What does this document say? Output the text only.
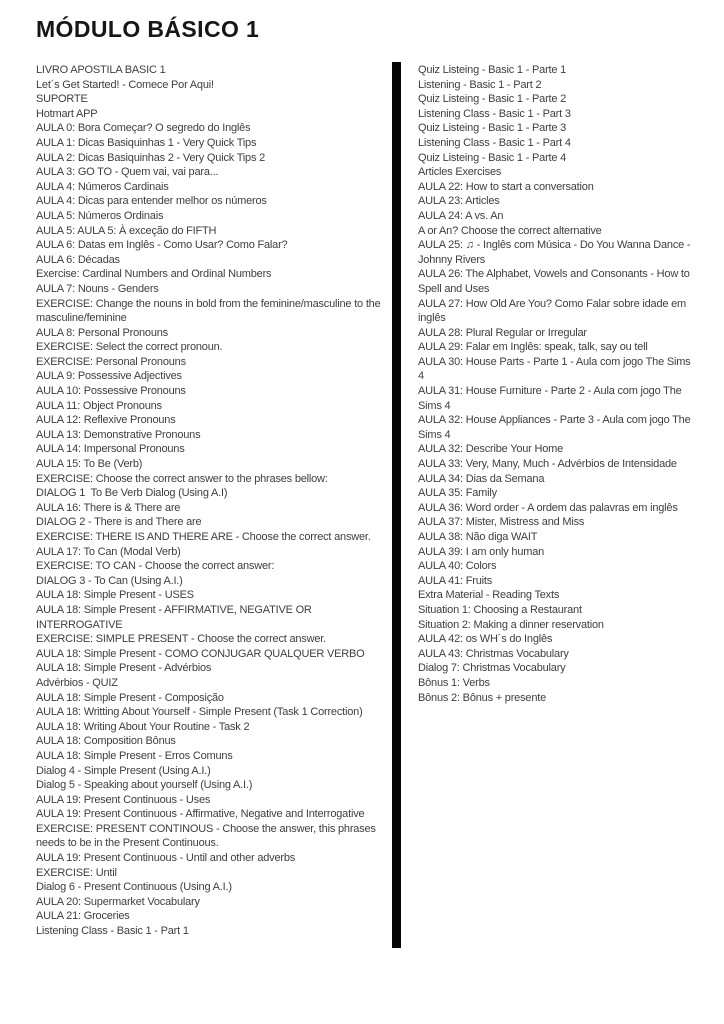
MÓDULO BÁSICO 1
LIVRO APOSTILA BASIC 1
Let´s Get Started! - Comece Por Aqui!
SUPORTE
Hotmart APP
AULA 0: Bora Começar? O segredo do Inglês
AULA 1: Dicas Basiquinhas 1 - Very Quick Tips
AULA 2: Dicas Basiquinhas 2 - Very Quick Tips 2
AULA 3: GO TO - Quem vai, vai para...
AULA 4: Números Cardinais
AULA 4: Dicas para entender melhor os números
AULA 5: Números Ordinais
AULA 5: AULA 5: À exceção do FIFTH
AULA 6: Datas em Inglês - Como Usar? Como Falar?
AULA 6: Décadas
Exercise: Cardinal Numbers and Ordinal Numbers
AULA 7: Nouns - Genders
EXERCISE: Change the nouns in bold from the feminine/masculine to the masculine/feminine
AULA 8: Personal Pronouns
EXERCISE: Select the correct pronoun.
EXERCISE: Personal Pronouns
AULA 9: Possessive Adjectives
AULA 10: Possessive Pronouns
AULA 11: Object Pronouns
AULA 12: Reflexive Pronouns
AULA 13: Demonstrative Pronouns
AULA 14: Impersonal Pronouns
AULA 15: To Be (Verb)
EXERCISE: Choose the correct answer to the phrases bellow:
DIALOG 1  To Be Verb Dialog (Using A.I)
AULA 16: There is & There are
DIALOG 2 - There is and There are
EXERCISE: THERE IS AND THERE ARE - Choose the correct answer.
AULA 17: To Can (Modal Verb)
EXERCISE: TO CAN - Choose the correct answer:
DIALOG 3 - To Can (Using A.I.)
AULA 18: Simple Present - USES
AULA 18: Simple Present - AFFIRMATIVE, NEGATIVE OR INTERROGATIVE
EXERCISE: SIMPLE PRESENT - Choose the correct answer.
AULA 18: Simple Present - COMO CONJUGAR QUALQUER VERBO
AULA 18: Simple Present - Advérbios
Advérbios - QUIZ
AULA 18: Simple Present - Composição
AULA 18: Writting About Yourself - Simple Present (Task 1 Correction)
AULA 18: Writing About Your Routine - Task 2
AULA 18: Composition Bônus
AULA 18: Simple Present - Erros Comuns
Dialog 4 - Simple Present (Using A.I.)
Dialog 5 - Speaking about yourself (Using A.I.)
AULA 19: Present Continuous - Uses
AULA 19: Present Continuous - Affirmative, Negative and Interrogative
EXERCISE: PRESENT CONTINOUS - Choose the answer, this phrases needs to be in the Present Continuous.
AULA 19: Present Continuous - Until and other adverbs
EXERCISE: Until
Dialog 6 - Present Continuous (Using A.I.)
AULA 20: Supermarket Vocabulary
AULA 21: Groceries
Listening Class - Basic 1 - Part 1
Quiz Listeing - Basic 1 - Parte 1
Listening - Basic 1 - Part 2
Quiz Listeing - Basic 1 - Parte 2
Listening Class - Basic 1 - Part 3
Quiz Listeing - Basic 1 - Parte 3
Listening Class - Basic 1 - Part 4
Quiz Listeing - Basic 1 - Parte 4
Articles Exercises
AULA 22: How to start a conversation
AULA 23: Articles
AULA 24: A vs. An
A or An? Choose the correct alternative
AULA 25: ♫ - Inglês com Música - Do You Wanna Dance - Johnny Rivers
AULA 26: The Alphabet, Vowels and Consonants - How to Spell and Uses
AULA 27: How Old Are You? Como Falar sobre idade em inglês
AULA 28: Plural Regular or Irregular
AULA 29: Falar em Inglês: speak, talk, say ou tell
AULA 30: House Parts - Parte 1 - Aula com jogo The Sims 4
AULA 31: House Furniture - Parte 2 - Aula com jogo The Sims 4
AULA 32: House Appliances - Parte 3 - Aula com jogo The Sims 4
AULA 32: Describe Your Home
AULA 33: Very, Many, Much - Advérbios de Intensidade
AULA 34: Dias da Semana
AULA 35: Family
AULA 36: Word order - A ordem das palavras em inglês
AULA 37: Mister, Mistress and Miss
AULA 38: Não diga WAIT
AULA 39: I am only human
AULA 40: Colors
AULA 41: Fruits
Extra Material - Reading Texts
Situation 1: Choosing a Restaurant
Situation 2: Making a dinner reservation
AULA 42: os WH´s do Inglês
AULA 43: Christmas Vocabulary
Dialog 7: Christmas Vocabulary
Bônus 1: Verbs
Bônus 2: Bônus + presente
